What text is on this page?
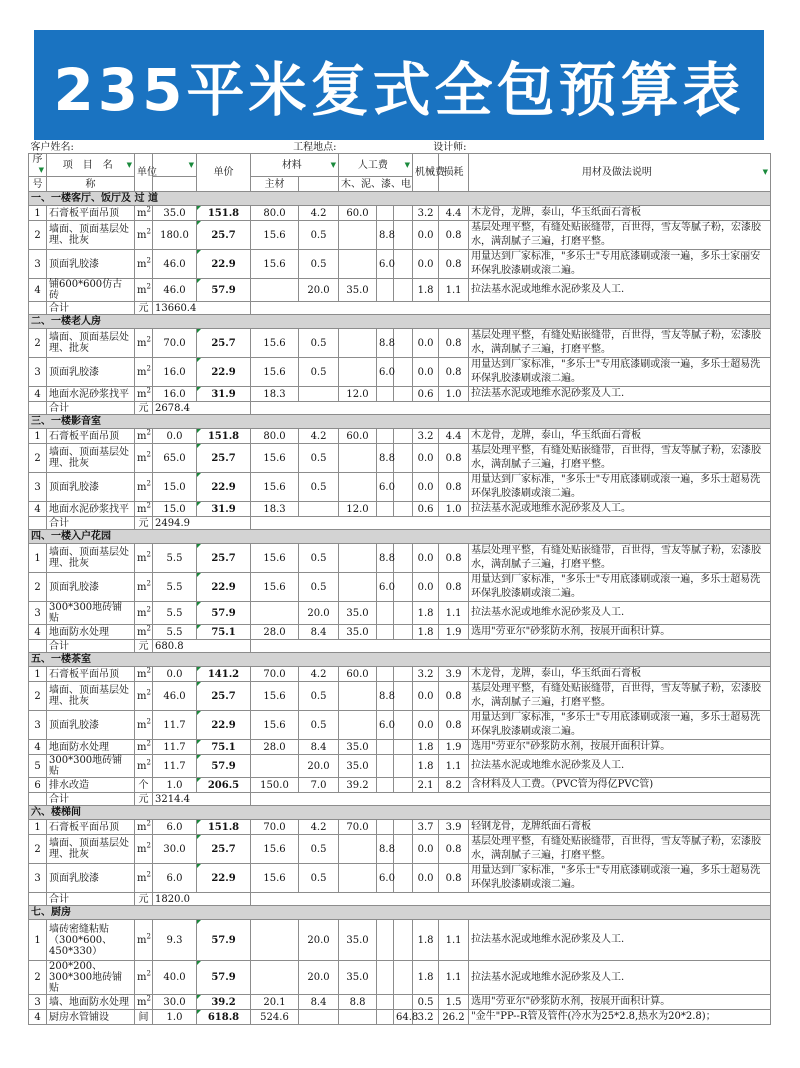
235平米复式全包预算表
客户姓名:				工程地点:			设计师:					
序
▼	项　目　名 ▼	单位	▼	单价	材料 ▼		人工费 ▼			机械费	损耗	用材及做法说明 ▼

号	称				主材		木、泥、漆、电					
一、一楼客厅、饭厅及 过 道												
1	石膏板平面吊顶	$m^2$	35.0	151.8	80.0	4.2	60.0			3.2	4.4	木龙骨，龙牌，泰山，华玉纸面石膏板
2	墙面、顶面基层处理、批灰	$m^2$	180.0	25.7	15.6	0.5		8.8		0.0	0.8	基层处理平整，有缝处贴嵌缝带，百世得，雪友等腻子粉，宏漆胶水，满刮腻子三遍，打磨平整。
3	顶面乳胶漆	$m^2$	46.0	22.9	15.6	0.5		6.0		0.0	0.8	用量达到厂家标准，"多乐士"专用底漆刷或滚一遍，多乐士家丽安环保乳胶漆刷或滚二遍。
4	铺600*600仿古砖	$m^2$	46.0	57.9		20.0	35.0			1.8	1.1	拉法基水泥或地维水泥砂浆及人工.
	合计	元	13660.4									
二、一楼老人房												
2	墙面、顶面基层处理、批灰	$m^2$	70.0	25.7	15.6	0.5		8.8		0.0	0.8	基层处理平整，有缝处贴嵌缝带，百世得，雪友等腻子粉，宏漆胶水，满刮腻子三遍，打磨平整。
3	顶面乳胶漆	$m^2$	16.0	22.9	15.6	0.5		6.0		0.0	0.8	用量达到厂家标准，"多乐士"专用底漆刷或滚一遍，多乐士超易洗环保乳胶漆刷或滚二遍。
4	地面水泥砂浆找平	$m^2$	16.0	31.9	18.3		12.0			0.6	1.0	拉法基水泥或地维水泥砂浆及人工.
	合计	元	2678.4									
三、一楼影音室												
1	石膏板平面吊顶	$m^2$	0.0	151.8	80.0	4.2	60.0			3.2	4.4	木龙骨，龙牌，泰山，华玉纸面石膏板
2	墙面、顶面基层处理、批灰	$m^2$	65.0	25.7	15.6	0.5		8.8		0.0	0.8	基层处理平整，有缝处贴嵌缝带，百世得，雪友等腻子粉，宏漆胶水，满刮腻子三遍，打磨平整。
3	顶面乳胶漆	$m^2$	15.0	22.9	15.6	0.5		6.0		0.0	0.8	用量达到厂家标准，"多乐士"专用底漆刷或滚一遍，多乐士超易洗环保乳胶漆刷或滚二遍。
4	地面水泥砂浆找平	$m^2$	15.0	31.9	18.3		12.0			0.6	1.0	拉法基水泥或地维水泥砂浆及人工。
	合计	元	2494.9									
四、一楼入户花园												
1	墙面、顶面基层处理、批灰	$m^2$	5.5	25.7	15.6	0.5		8.8		0.0	0.8	基层处理平整，有缝处贴嵌缝带，百世得，雪友等腻子粉，宏漆胶水，满刮腻子三遍，打磨平整。
2	顶面乳胶漆	$m^2$	5.5	22.9	15.6	0.5		6.0		0.0	0.8	用量达到厂家标准，"多乐士"专用底漆刷或滚一遍，多乐士超易洗环保乳胶漆刷或滚二遍。
3	300*300地砖铺贴	$m^2$	5.5	57.9		20.0	35.0			1.8	1.1	拉法基水泥或地维水泥砂浆及人工.
4	地面防水处理	$m^2$	5.5	75.1	28.0	8.4	35.0			1.8	1.9	选用"劳亚尔"砂浆防水剂，按展开面积计算。
	合计	元	680.8									
五、一楼茶室												
1	石膏板平面吊顶	$m^2$	0.0	141.2	70.0	4.2	60.0			3.2	3.9	木龙骨，龙牌，泰山，华玉纸面石膏板
2	墙面、顶面基层处理、批灰	$m^2$	46.0	25.7	15.6	0.5		8.8		0.0	0.8	基层处理平整，有缝处贴嵌缝带，百世得，雪友等腻子粉，宏漆胶水，满刮腻子三遍，打磨平整。
3	顶面乳胶漆	$m^2$	11.7	22.9	15.6	0.5		6.0		0.0	0.8	用量达到厂家标准，"多乐士"专用底漆刷或滚一遍，多乐士超易洗环保乳胶漆刷或滚二遍。
4	地面防水处理	$m^2$	11.7	75.1	28.0	8.4	35.0			1.8	1.9	选用"劳亚尔"砂浆防水剂，按展开面积计算。
5	300*300地砖铺贴	$m^2$	11.7	57.9		20.0	35.0			1.8	1.1	拉法基水泥或地维水泥砂浆及人工.
6	排水改造	个	1.0	206.5	150.0	7.0	39.2			2.1	8.2	含材料及人工费。（PVC管为得亿PVC管)
	合计	元	3214.4									
六、楼梯间												
1	石膏板平面吊顶	$m^2$	6.0	151.8	70.0	4.2	70.0			3.7	3.9	轻钢龙骨，龙牌纸面石膏板
2	墙面、顶面基层处理、批灰	$m^2$	30.0	25.7	15.6	0.5		8.8		0.0	0.8	基层处理平整，有缝处贴嵌缝带，百世得，雪友等腻子粉，宏漆胶水，满刮腻子三遍，打磨平整。
3	顶面乳胶漆	$m^2$	6.0	22.9	15.6	0.5		6.0		0.0	0.8	用量达到厂家标准，"多乐士"专用底漆刷或滚一遍，多乐士超易洗环保乳胶漆刷或滚二遍。
	合计	元	1820.0									
七、厨房												
1	墙砖密缝粘贴（300*600、450*330）	$m^2$	9.3	57.9		20.0	35.0			1.8	1.1	拉法基水泥或地维水泥砂浆及人工.
2	200*200、300*300地砖铺贴	$m^2$	40.0	57.9		20.0	35.0			1.8	1.1	拉法基水泥或地维水泥砂浆及人工.
3	墙、地面防水处理	$m^2$	30.0	39.2	20.1	8.4	8.8			0.5	1.5	选用"劳亚尔"砂浆防水剂，按展开面积计算。
4	厨房水管铺设	间	1.0	618.8	524.6				64.8	3.2	26.2	"金牛"PP--R管及管件(冷水为25*2.8,热水为20*2.8)；
